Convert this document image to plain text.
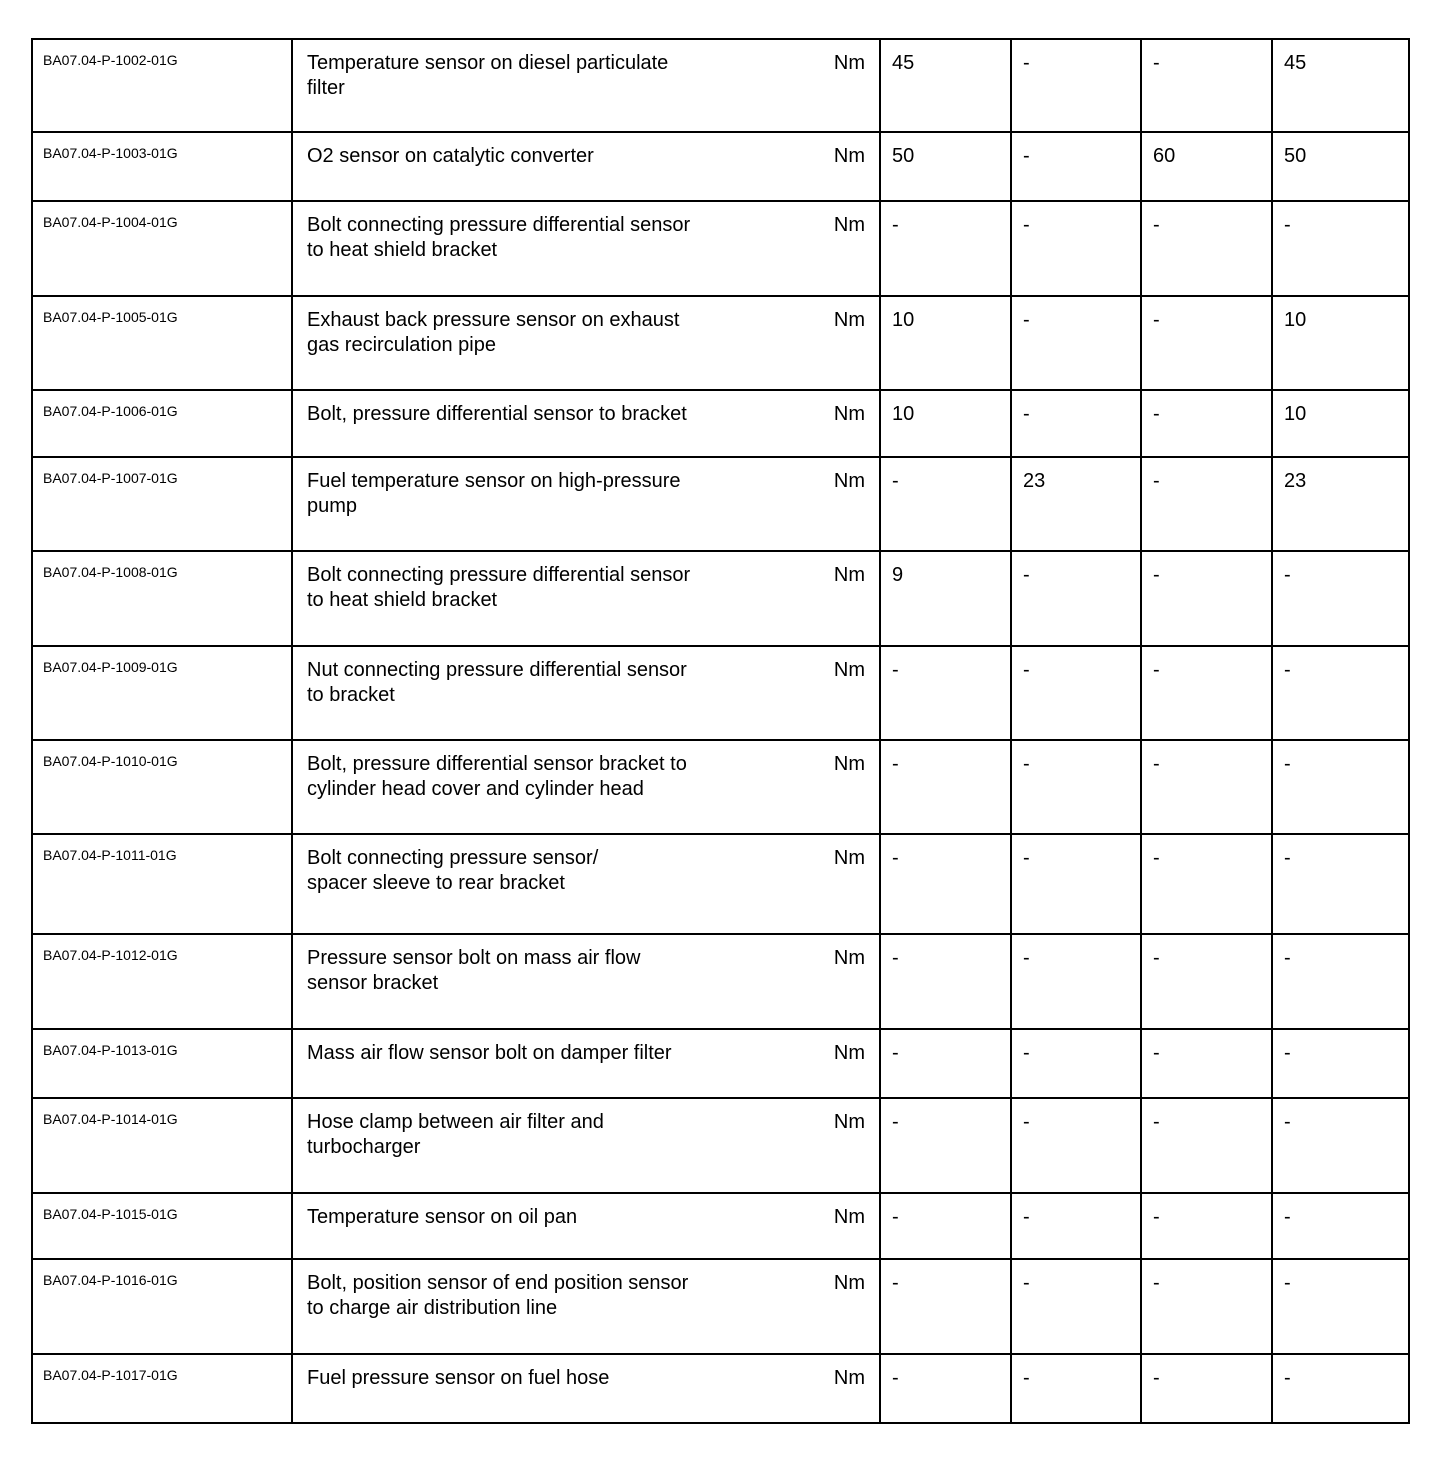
BA07.04-P-1002-01G	Temperature sensor on diesel particulate
filter
Nm	45	-	-	45
BA07.04-P-1003-01G	O2 sensor on catalytic converter Nm	50	-	60	50
BA07.04-P-1004-01G	Bolt connecting pressure differential sensor
to heat shield bracket
Nm	-	-	-	-
BA07.04-P-1005-01G	Exhaust back pressure sensor on exhaust
gas recirculation pipe
Nm	10	-	-	10
BA07.04-P-1006-01G	Bolt, pressure differential sensor to bracket Nm	10	-	-	10
BA07.04-P-1007-01G	Fuel temperature sensor on high-pressure
pump
Nm	-	23	-	23
BA07.04-P-1008-01G	Bolt connecting pressure differential sensor
to heat shield bracket
Nm	9	-	-	-
BA07.04-P-1009-01G	Nut connecting pressure differential sensor
to bracket
Nm	-	-	-	-
BA07.04-P-1010-01G	Bolt, pressure differential sensor bracket to
cylinder head cover and cylinder head
Nm	-	-	-	-
BA07.04-P-1011-01G	Bolt connecting pressure sensor/
spacer sleeve to rear bracket
Nm	-	-	-	-
BA07.04-P-1012-01G	Pressure sensor bolt on mass air flow
sensor bracket
Nm	-	-	-	-
BA07.04-P-1013-01G	Mass air flow sensor bolt on damper filter Nm	-	-	-	-
BA07.04-P-1014-01G	Hose clamp between air filter and
turbocharger
Nm	-	-	-	-
BA07.04-P-1015-01G	Temperature sensor on oil pan Nm	-	-	-	-
BA07.04-P-1016-01G	Bolt, position sensor of end position sensor
to charge air distribution line
Nm	-	-	-	-
BA07.04-P-1017-01G	Fuel pressure sensor on fuel hose Nm	-	-	-	-
